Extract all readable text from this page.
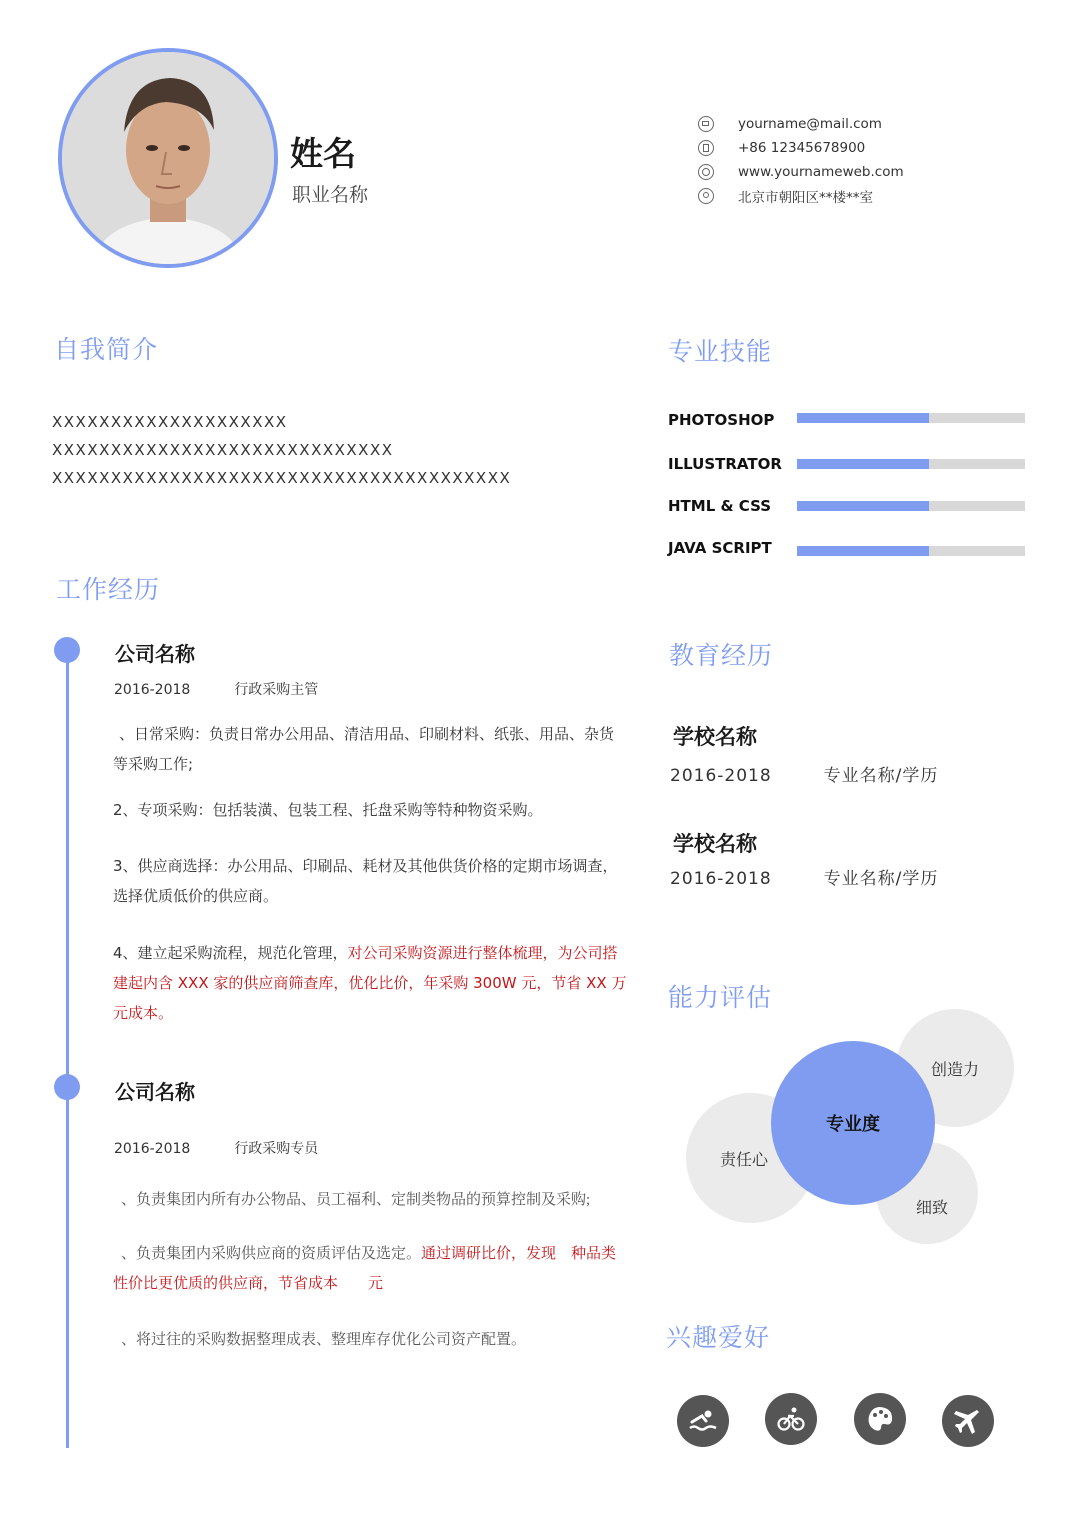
姓名
职业名称
yourname@mail.com
+86 12345678900
www.yournameweb.com
北京市朝阳区**楼**室
自我简介
XXXXXXXXXXXXXXXXXXXX
XXXXXXXXXXXXXXXXXXXXXXXXXXXXX
XXXXXXXXXXXXXXXXXXXXXXXXXXXXXXXXXXXXXXX
专业技能
PHOTOSHOP
ILLUSTRATOR
HTML & CSS
JAVA SCRIPT
工作经历
公司名称
2016-2018	行政采购主管
、日常采购：负责日常办公用品、清洁用品、印刷材料、纸张、用品、杂货等采购工作;
2、专项采购：包括装潢、包装工程、托盘采购等特种物资采购。
3、供应商选择：办公用品、印刷品、耗材及其他供货价格的定期市场调查，选择优质低价的供应商。
4、建立起采购流程，规范化管理，对公司采购资源进行整体梳理，为公司搭建起内含 XXX 家的供应商筛查库，优化比价，年采购 300W 元，节省 XX 万元成本。
公司名称
2016-2018	行政采购专员
、负责集团内所有办公物品、员工福利、定制类物品的预算控制及采购;
、负责集团内采购供应商的资质评估及选定。通过调研比价，发现　种品类性价比更优质的供应商，节省成本　　元
、将过往的采购数据整理成表、整理库存优化公司资产配置。
教育经历
学校名称
2016-2018	专业名称/学历
学校名称
2016-2018	专业名称/学历
能力评估
创造力
细致
责任心
专业度
兴趣爱好
